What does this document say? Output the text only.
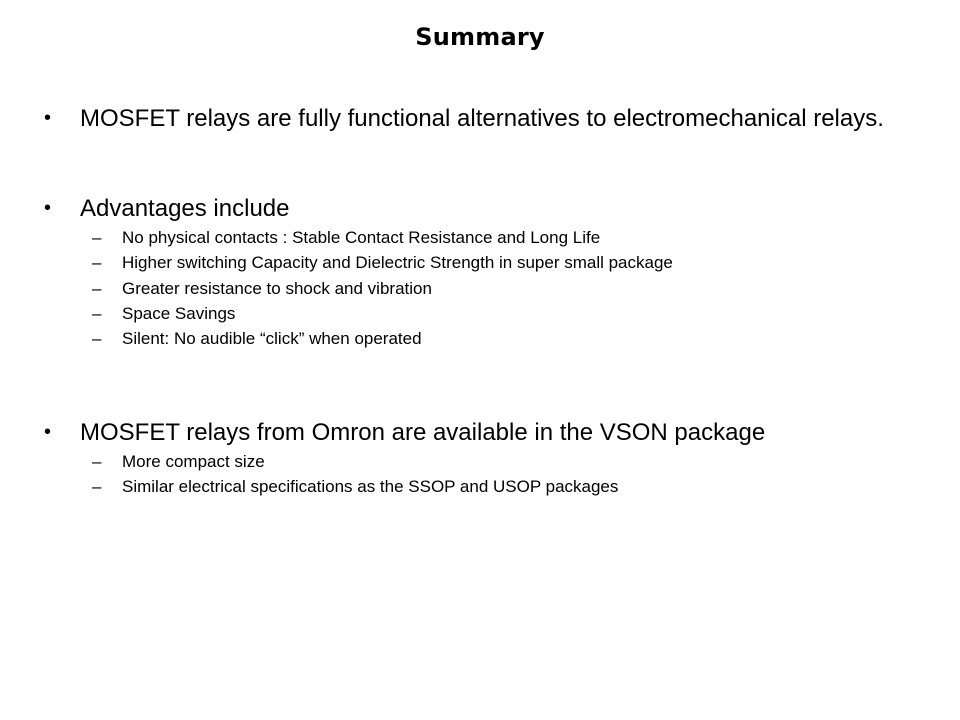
Summary
•	MOSFET relays are fully functional alternatives to electromechanical relays.
•	Advantages include
– No physical contacts : Stable Contact Resistance and Long Life
– Higher switching Capacity and Dielectric Strength in super small package
– Greater resistance to shock and vibration
– Space Savings
– Silent: No audible “click” when operated
•	MOSFET relays from Omron are available in the VSON package
– More compact size
– Similar electrical specifications as the SSOP and USOP packages
